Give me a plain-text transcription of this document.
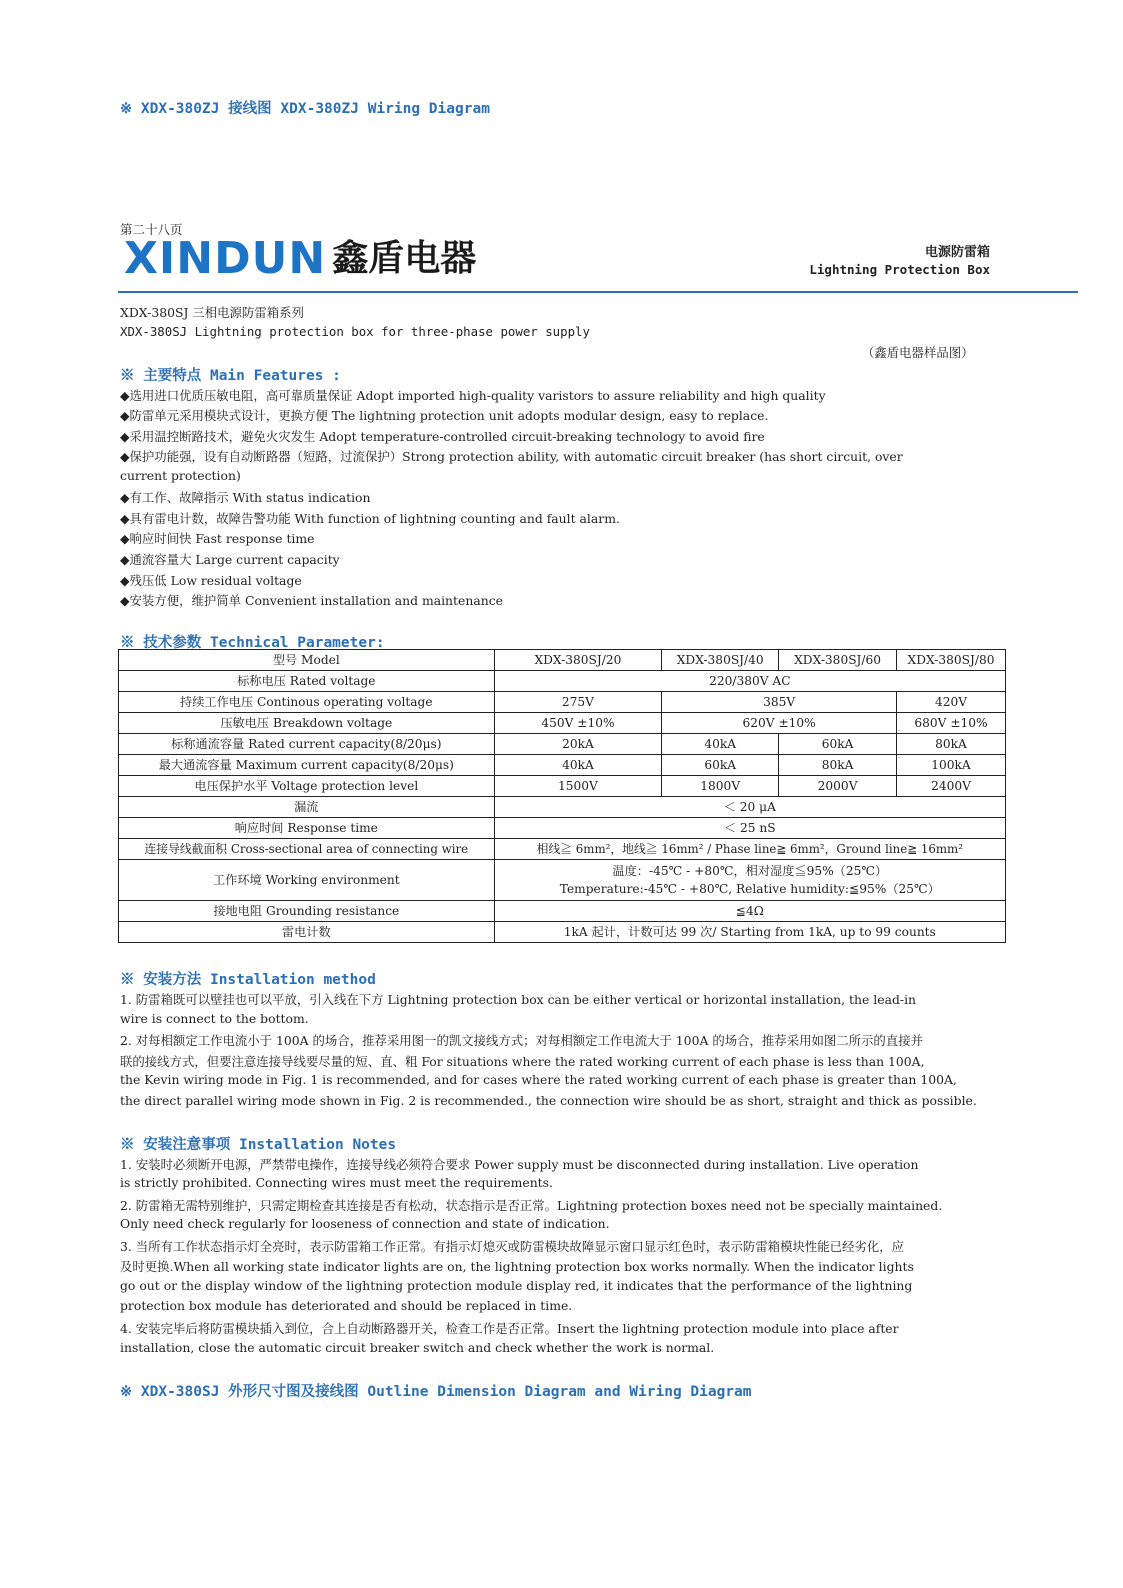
※ XDX-380ZJ 接线图 XDX-380ZJ Wiring Diagram
第二十八页
XINDUN 鑫盾电器	电源防雷箱
Lightning Protection Box
XDX-380SJ 三相电源防雷箱系列
XDX-380SJ Lightning protection box for three-phase power supply
（鑫盾电器样品图）
※ 主要特点 Main Features :
◆选用进口优质压敏电阻，高可靠质量保证 Adopt imported high-quality varistors to assure reliability and high quality
◆防雷单元采用模块式设计，更换方便 The lightning protection unit adopts modular design, easy to replace.
◆采用温控断路技术，避免火灾发生 Adopt temperature-controlled circuit-breaking technology to avoid fire
◆保护功能强，设有自动断路器（短路，过流保护）Strong protection ability, with automatic circuit breaker (has short circuit, over
current protection)
◆有工作、故障指示 With status indication
◆具有雷电计数，故障告警功能 With function of lightning counting and fault alarm.
◆响应时间快 Fast response time
◆通流容量大 Large current capacity
◆残压低 Low residual voltage
◆安装方便，维护简单 Convenient installation and maintenance
※ 技术参数 Technical Parameter:
型号 Model	XDX-380SJ/20	XDX-380SJ/40	XDX-380SJ/60	XDX-380SJ/80
标称电压 Rated voltage	220/380V AC			
持续工作电压 Continous operating voltage	275V	385V		420V
压敏电压 Breakdown voltage	450V ±10%	620V ±10%		680V ±10%
标称通流容量 Rated current capacity(8/20μs)	20kA	40kA	60kA	80kA
最大通流容量 Maximum current capacity(8/20μs)	40kA	60kA	80kA	100kA
电压保护水平 Voltage protection level	1500V	1800V	2000V	2400V
漏流	＜ 20 μA			
响应时间 Response time	＜ 25 nS			
连接导线截面积 Cross-sectional area of connecting wire	相线≧ 6mm²，地线≧ 16mm² / Phase line≧ 6mm²，Ground line≧ 16mm²			
工作环境 Working environment	温度：-45℃ - +80℃，相对湿度≦95%（25℃）
Temperature:-45℃ - +80℃, Relative humidity:≦95%（25℃）			

接地电阻 Grounding resistance	≦4Ω			
雷电计数	1kA 起计，计数可达 99 次/ Starting from 1kA, up to 99 counts			
※ 安装方法 Installation method
1. 防雷箱既可以壁挂也可以平放，引入线在下方 Lightning protection box can be either vertical or horizontal installation, the lead-in
wire is connect to the bottom.
2. 对每相额定工作电流小于 100A 的场合，推荐采用图一的凯文接线方式；对每相额定工作电流大于 100A 的场合，推荐采用如图二所示的直接并
联的接线方式，但要注意连接导线要尽量的短、直、粗 For situations where the rated working current of each phase is less than 100A,
the Kevin wiring mode in Fig. 1 is recommended, and for cases where the rated working current of each phase is greater than 100A,
the direct parallel wiring mode shown in Fig. 2 is recommended., the connection wire should be as short, straight and thick as possible.
※ 安装注意事项 Installation Notes
1. 安装时必须断开电源，严禁带电操作，连接导线必须符合要求 Power supply must be disconnected during installation. Live operation
is strictly prohibited. Connecting wires must meet the requirements.
2. 防雷箱无需特别维护，只需定期检查其连接是否有松动，状态指示是否正常。Lightning protection boxes need not be specially maintained.
Only need check regularly for looseness of connection and state of indication.
3. 当所有工作状态指示灯全亮时，表示防雷箱工作正常。有指示灯熄灭或防雷模块故障显示窗口显示红色时，表示防雷箱模块性能已经劣化，应
及时更换.When all working state indicator lights are on, the lightning protection box works normally. When the indicator lights
go out or the display window of the lightning protection module display red, it indicates that the performance of the lightning
protection box module has deteriorated and should be replaced in time.
4. 安装完毕后将防雷模块插入到位，合上自动断路器开关，检查工作是否正常。Insert the lightning protection module into place after
installation, close the automatic circuit breaker switch and check whether the work is normal.
※ XDX-380SJ 外形尺寸图及接线图 Outline Dimension Diagram and Wiring Diagram
